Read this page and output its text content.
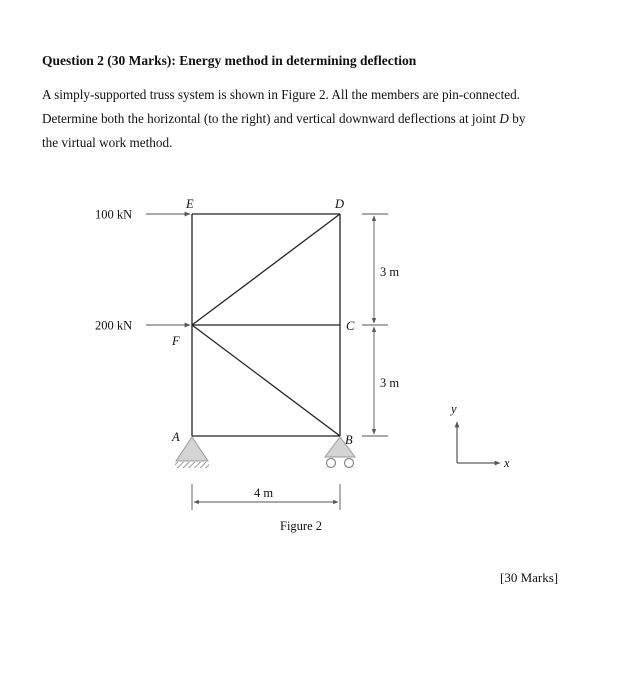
Question 2 (30 Marks): Energy method in determining deflection

A simply-supported truss system is shown in Figure 2. All the members are pin-connected.

Determine both the horizontal (to the right) and vertical downward deflections at joint D by

the virtual work method.

100 kN
200 kN
E	D
C
F
A	B
3 m
3 m
4 m
Figure 2
y
x
[30 Marks]
